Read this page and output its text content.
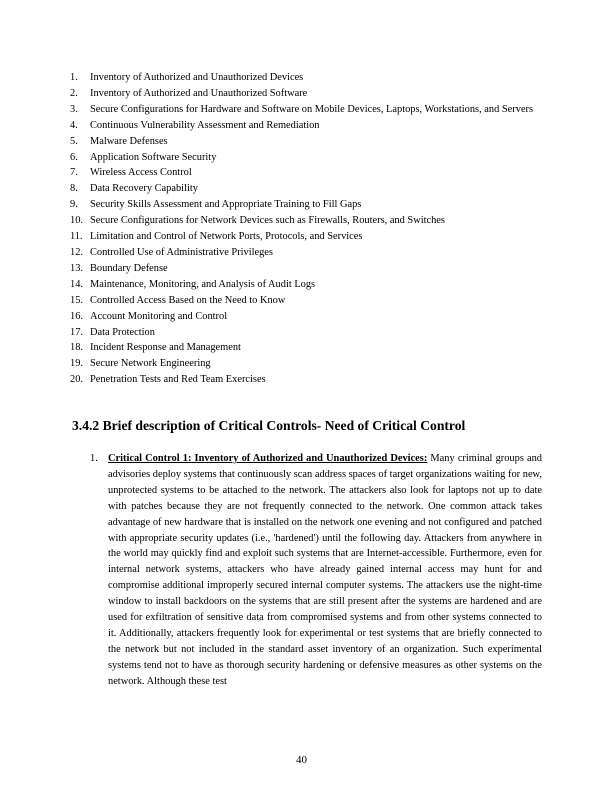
1.	Inventory of Authorized and Unauthorized Devices
2.	Inventory of Authorized and Unauthorized Software
3.	Secure Configurations for Hardware and Software on Mobile Devices, Laptops, Workstations, and Servers
4.	Continuous Vulnerability Assessment and Remediation
5.	Malware Defenses
6.	Application Software Security
7.	Wireless Access Control
8.	Data Recovery Capability
9.	Security Skills Assessment and Appropriate Training to Fill Gaps
10. Secure Configurations for Network Devices such as Firewalls, Routers, and Switches
11. Limitation and Control of Network Ports, Protocols, and Services
12. Controlled Use of Administrative Privileges
13. Boundary Defense
14. Maintenance, Monitoring, and Analysis of Audit Logs
15. Controlled Access Based on the Need to Know
16. Account Monitoring and Control
17. Data Protection
18. Incident Response and Management
19. Secure Network Engineering
20. Penetration Tests and Red Team Exercises
3.4.2 Brief description of Critical Controls- Need of Critical Control
1. Critical Control 1: Inventory of Authorized and Unauthorized Devices: Many criminal groups and advisories deploy systems that continuously scan address spaces of target organizations waiting for new, unprotected systems to be attached to the network. The attackers also look for laptops not up to date with patches because they are not frequently connected to the network. One common attack takes advantage of new hardware that is installed on the network one evening and not configured and patched with appropriate security updates (i.e., 'hardened') until the following day. Attackers from anywhere in the world may quickly find and exploit such systems that are Internet-accessible. Furthermore, even for internal network systems, attackers who have already gained internal access may hunt for and compromise additional improperly secured internal computer systems. The attackers use the night-time window to install backdoors on the systems that are still present after the systems are hardened and are used for exfiltration of sensitive data from compromised systems and from other systems connected to it. Additionally, attackers frequently look for experimental or test systems that are briefly connected to the network but not included in the standard asset inventory of an organization. Such experimental systems tend not to have as thorough security hardening or defensive measures as other systems on the network. Although these test

40
